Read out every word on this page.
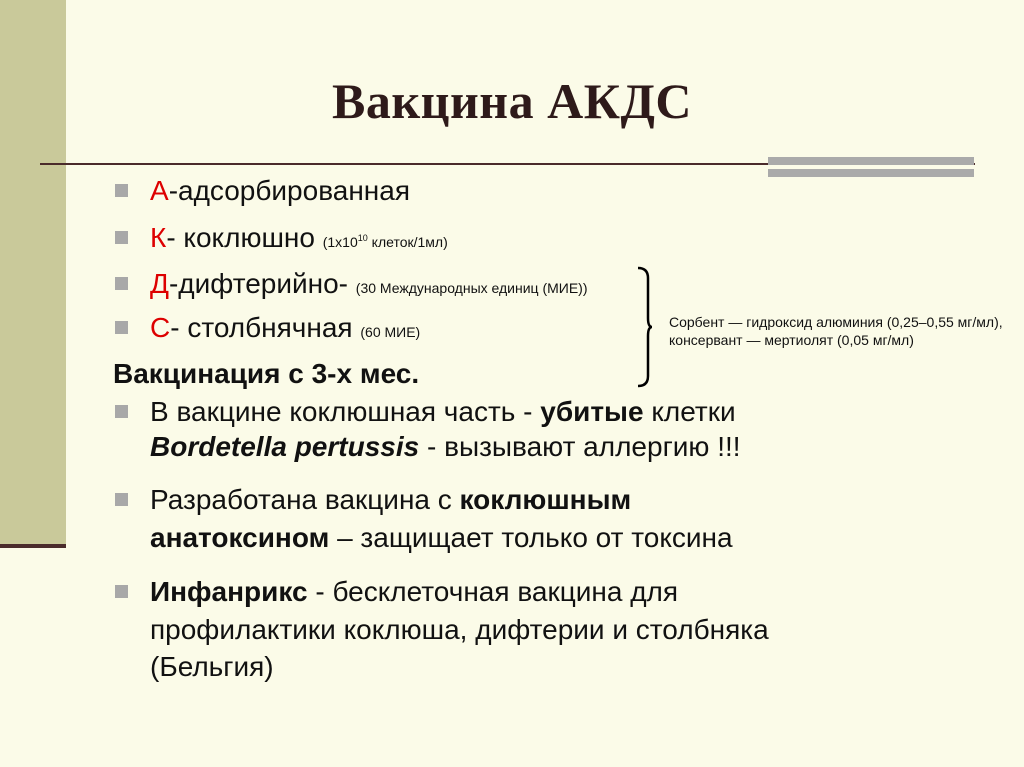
Вакцина АКДС
А-адсорбированная
К- коклюшно ($1х10^{10}$ клеток/1мл)
Д-дифтерийно- (30 Международных единиц (МИЕ))
С- столбнячная (60 МИЕ)
Сорбент — гидроксид алюминия (0,25–0,55 мг/мл),
консервант — мертиолят (0,05 мг/мл)
Вакцинация с 3-х мес.
В вакцине коклюшная часть - убитые клетки
Bordetella pertussis - вызывают аллергию !!!
Разработана вакцина с коклюшным
анатоксином – защищает только от токсина
Инфанрикс - бесклеточная вакцина для
профилактики коклюша, дифтерии и столбняка
(Бельгия)
